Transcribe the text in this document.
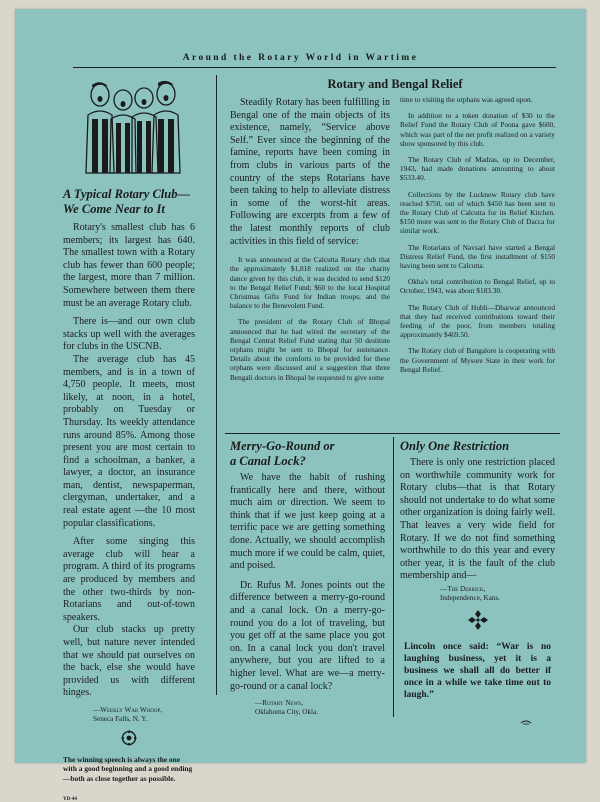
Around the Rotary World in Wartime

A Typical Rotary Club—

We Come Near to It

Rotary's smallest club has 6 members; its largest has 640. The smallest town with a Rotary club has fewer than 600 people; the largest, more than 7 million. Somewhere between them there must be an average Rotary club.

There is—and our own club stacks up well with the averages for clubs in the USCNB.

The average club has 45 members, and is in a town of 4,750 people. It meets, most likely, at noon, in a hotel, probably on Tuesday or Thursday. Its weekly attendance runs around 85%. Among those present you are most certain to find a schoolman, a banker, a lawyer, a doctor, an insurance man, dentist, newspaperman, clergyman, undertaker, and a real estate agent —the 10 most popular classifications.

After some singing this average club will hear a program. A third of its programs are produced by members and the other two-thirds by non-Rotarians and out-of-town speakers.

Our club stacks up pretty well, but nature never intended that we should pat ourselves on the back, else she would have provided us with different hinges.

—Weekly War Whoop,

Seneca Falls, N. Y.

The winning speech is always the one with a good beginning and a good ending—both as close together as possible.

YD-44

Rotary and Bengal Relief

Steadily Rotary has been fulfilling in Bengal one of the main objects of its existence, namely, “Service above Self.” Ever since the beginning of the famine, reports have been coming in from clubs in various parts of the country of the steps Rotarians have been taking to help to alleviate distress in some of the worst-hit areas. Following are excerpts from a few of the latest monthly reports of club activities in this field of service:

It was announced at the Calcutta Rotary club that the approximately $1,818 realized on the charity dance given by this club, it was decided to send $120 to the Bengal Relief Fund; $60 to the local Hospital Christmas Gifts Fund for Indian troops; and the balance to the Benevolent Fund.

The president of the Rotary Club of Bhopal announced that he had wired the secretary of the Bengal Central Relief Fund stating that 50 destitute orphans might be sent to Bhopal for sustenance. Details about the comforts to be provided for these orphans were discussed and a suggestion that three Bengali doctors in Bhopal be requested to give some

time to visiting the orphans was agreed upon.

In addition to a token donation of $30 to the Relief Fund the Rotary Club of Poona gave $600, which was part of the net profit realized on a variety show sponsored by this club.

The Rotary Club of Madras, up to December, 1943, had made donations amounting to about $533.40.

Collections by the Lucknow Rotary club have reached $750, out of which $450 has been sent to the Rotary Club of Calcutta for its Relief Kitchen. $150 more was sent to the Rotary Club of Dacca for similar work.

The Rotarians of Navsari have started a Bengal Distress Relief Fund, the first installment of $150 having been sent to Calcutta.

Okha's total contribution to Bengal Relief, up to October, 1943, was about $183.30.

The Rotary Club of Hubli—Dharwar announced that they had received contributions toward their feeding of the poor, from members totaling approximately $469.50.

The Rotary club of Bangalore is cooperating with the Government of Mysore State in their work for Bengal Relief.

Merry-Go-Round or

a Canal Lock?

We have the habit of rushing frantically here and there, without much aim or direction. We seem to think that if we just keep going at a terrific pace we are getting something done. Actually, we should accomplish much more if we could be calm, quiet, and poised.

Dr. Rufus M. Jones points out the difference between a merry-go-round and a canal lock. On a merry-go-round you do a lot of traveling, but you get off at the same place you got on. In a canal lock you don't travel anywhere, but you are lifted to a higher level. What are we—a merry-go-round or a canal lock?

—Rotary News,

Oklahoma City, Okla.

Only One Restriction

There is only one restriction placed on worthwhile community work for Rotary clubs—that is that Rotary should not undertake to do what some other organization is doing fairly well. That leaves a very wide field for Rotary. If we do not find something worthwhile to do this year and every other year, it is the fault of the club membership and—

—The Derrick,

Independence, Kans.

Lincoln once said: “War is no laughing business, yet it is a business we shall all do better if once in a while we take time out to laugh.”
